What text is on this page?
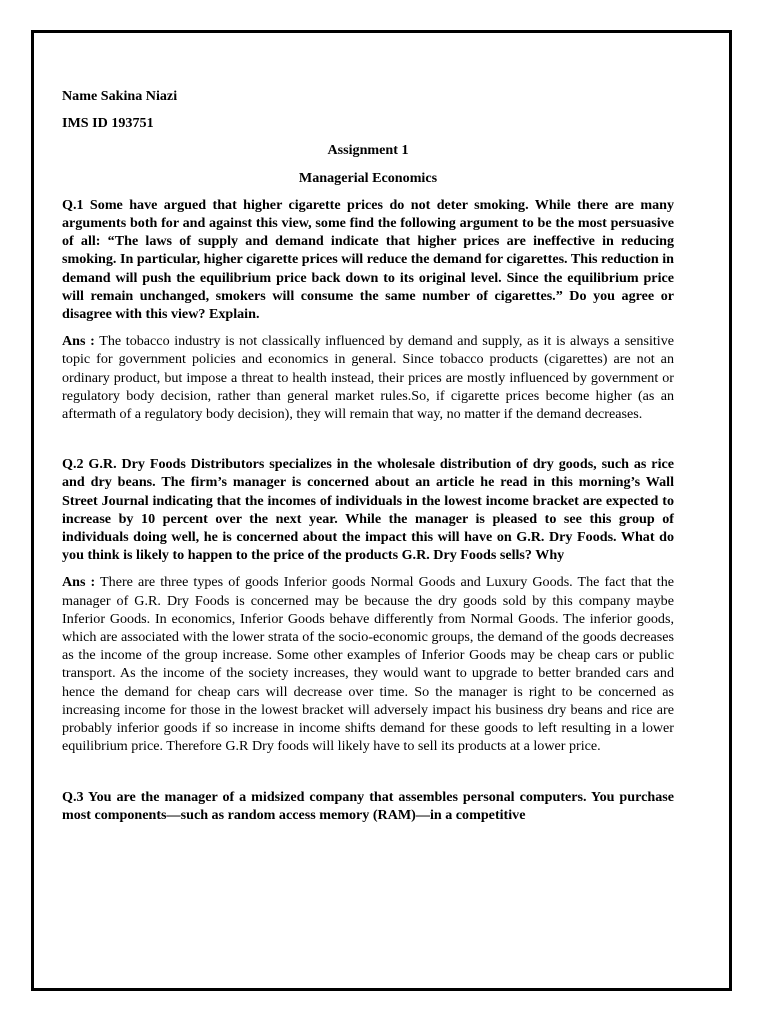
Name Sakina Niazi

IMS ID 193751

Assignment 1

Managerial Economics

Q.1 Some have argued that higher cigarette prices do not deter smoking. While there are many arguments both for and against this view, some find the following argument to be the most persuasive of all: “The laws of supply and demand indicate that higher prices are ineffective in reducing smoking. In particular, higher cigarette prices will reduce the demand for cigarettes. This reduction in demand will push the equilibrium price back down to its original level. Since the equilibrium price will remain unchanged, smokers will consume the same number of cigarettes.” Do you agree or disagree with this view? Explain.

Ans : The tobacco industry is not classically influenced by demand and supply, as it is always a sensitive topic for government policies and economics in general. Since tobacco products (cigarettes) are not an ordinary product, but impose a threat to health instead, their prices are mostly influenced by government or regulatory body decision, rather than general market rules.So, if cigarette prices become higher (as an aftermath of a regulatory body decision), they will remain that way, no matter if the demand decreases.

Q.2 G.R. Dry Foods Distributors specializes in the wholesale distribution of dry goods, such as rice and dry beans. The firm’s manager is concerned about an article he read in this morning’s Wall Street Journal indicating that the incomes of individuals in the lowest income bracket are expected to increase by 10 percent over the next year. While the manager is pleased to see this group of individuals doing well, he is concerned about the impact this will have on G.R. Dry Foods. What do you think is likely to happen to the price of the products G.R. Dry Foods sells? Why

Ans : There are three types of goods Inferior goods Normal Goods and Luxury Goods. The fact that the manager of G.R. Dry Foods is concerned may be because the dry goods sold by this company maybe Inferior Goods. In economics, Inferior Goods behave differently from Normal Goods. The inferior goods, which are associated with the lower strata of the socio-economic groups, the demand of the goods decreases as the income of the group increase. Some other examples of Inferior Goods may be cheap cars or public transport. As the income of the society increases, they would want to upgrade to better branded cars and hence the demand for cheap cars will decrease over time. So the manager is right to be concerned as increasing income for those in the lowest bracket will adversely impact his business dry beans and rice are probably inferior goods if so increase in income shifts demand for these goods to left resulting in a lower equilibrium price. Therefore G.R Dry foods will likely have to sell its products at a lower price.

Q.3 You are the manager of a midsized company that assembles personal computers. You purchase most components—such as random access memory (RAM)—in a competitive
